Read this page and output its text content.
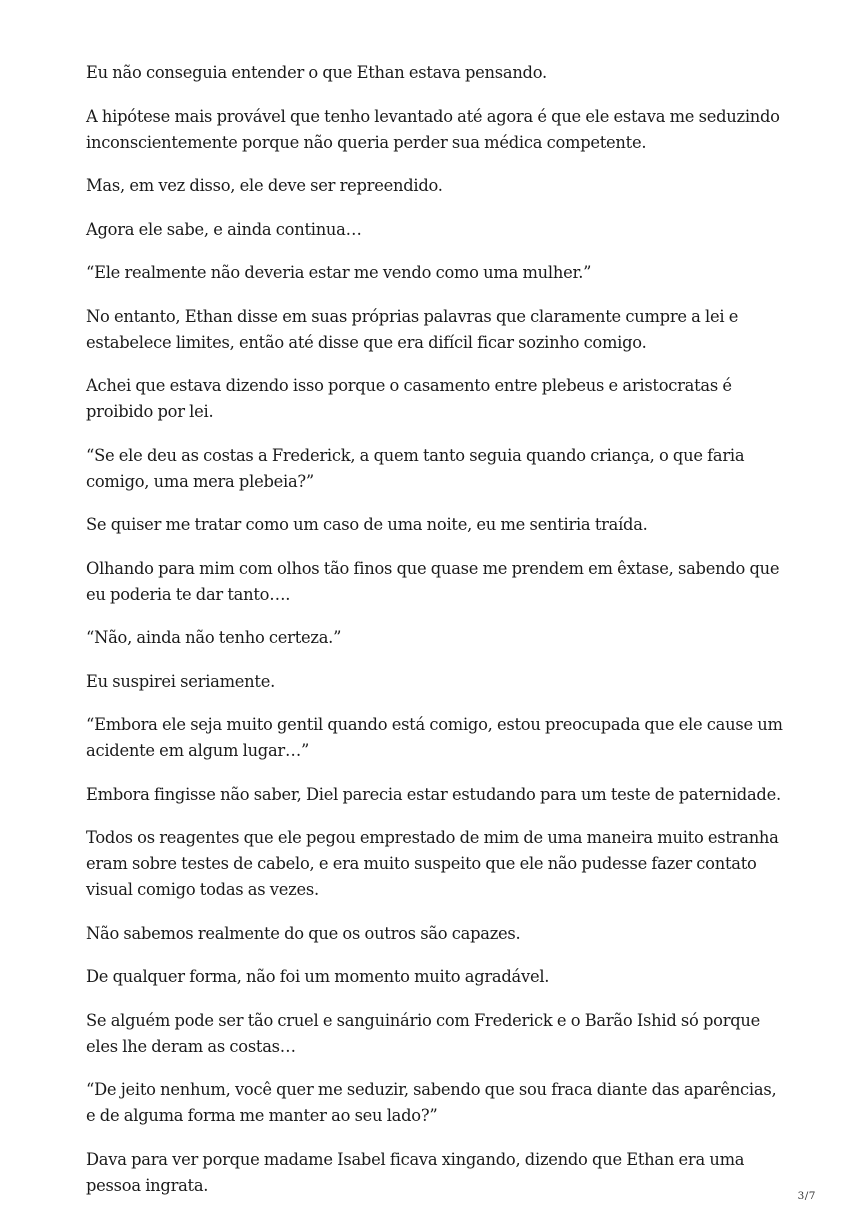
Eu não conseguia entender o que Ethan estava pensando.

A hipótese mais provável que tenho levantado até agora é que ele estava me seduzindo inconscientemente porque não queria perder sua médica competente.

Mas, em vez disso, ele deve ser repreendido.

Agora ele sabe, e ainda continua…

“Ele realmente não deveria estar me vendo como uma mulher.”

No entanto, Ethan disse em suas próprias palavras que claramente cumpre a lei e estabelece limites, então até disse que era difícil ficar sozinho comigo.

Achei que estava dizendo isso porque o casamento entre plebeus e aristocratas é proibido por lei.

“Se ele deu as costas a Frederick, a quem tanto seguia quando criança, o que faria comigo, uma mera plebeia?”

Se quiser me tratar como um caso de uma noite, eu me sentiria traída.

Olhando para mim com olhos tão finos que quase me prendem em êxtase, sabendo que eu poderia te dar tanto….

“Não, ainda não tenho certeza.”

Eu suspirei seriamente.

“Embora ele seja muito gentil quando está comigo, estou preocupada que ele cause um acidente em algum lugar…”

Embora fingisse não saber, Diel parecia estar estudando para um teste de paternidade.

Todos os reagentes que ele pegou emprestado de mim de uma maneira muito estranha eram sobre testes de cabelo, e era muito suspeito que ele não pudesse fazer contato visual comigo todas as vezes.

Não sabemos realmente do que os outros são capazes.

De qualquer forma, não foi um momento muito agradável.

Se alguém pode ser tão cruel e sanguinário com Frederick e o Barão Ishid só porque eles lhe deram as costas…

“De jeito nenhum, você quer me seduzir, sabendo que sou fraca diante das aparências, e de alguma forma me manter ao seu lado?”

Dava para ver porque madame Isabel ficava xingando, dizendo que Ethan era uma pessoa ingrata.

3/7
